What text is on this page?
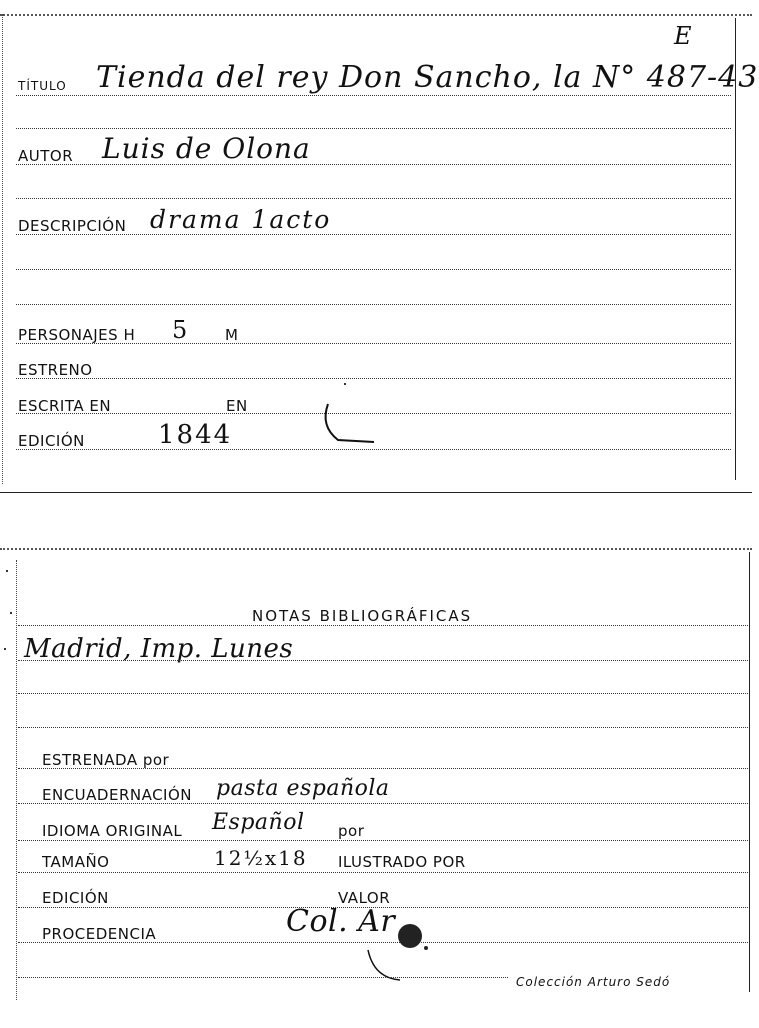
E
TÍTULO Tienda del rey Don Sancho, la N° 487-43
AUTOR Luis de Olona
DESCRIPCIÓN drama 1acto
PERSONAJES H 5 M
ESTRENO
ESCRITA EN	EN
EDICIÓN	1844
NOTAS BIBLIOGRÁFICAS
Madrid, Imp. Lunes
ESTRENADA por
ENCUADERNACIÓN pasta española
IDIOMA ORIGINAL Español por
TAMAÑO	12½x18 ILUSTRADO POR
EDICIÓN	VALOR
PROCEDENCIA	Col. Ar
Colección Arturo Sedó
